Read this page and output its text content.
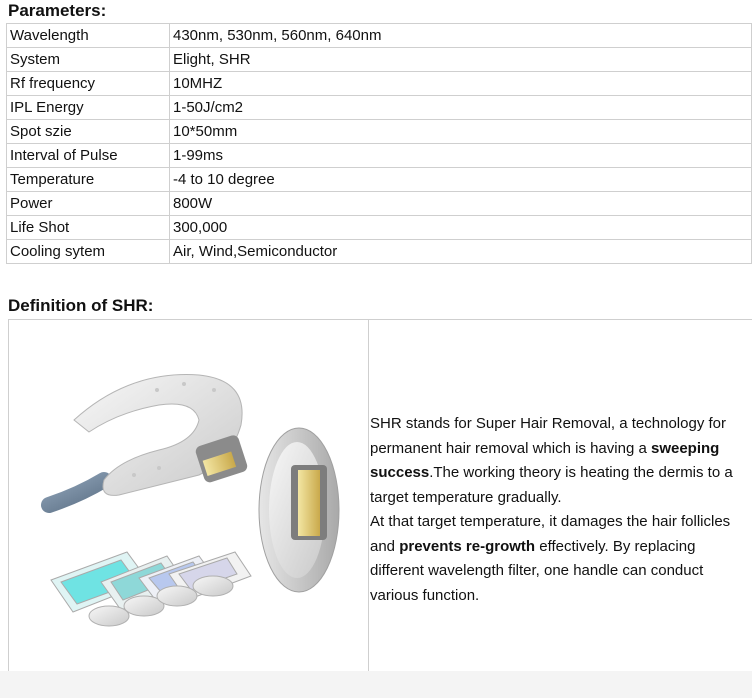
Parameters:
Wavelength	430nm, 530nm, 560nm, 640nm
System	Elight, SHR
Rf frequency	10MHZ
IPL Energy	1-50J/cm2
Spot szie	10*50mm
Interval of Pulse	1-99ms
Temperature	-4 to 10 degree
Power	800W
Life Shot	300,000
Cooling sytem	Air, Wind,Semiconductor
Definition of SHR:
SHR stands for Super Hair Removal, a technology for permanent hair removal which is having a sweeping success.The working theory is heating the dermis to a target temperature gradually.
At that target temperature, it damages the hair follicles and prevents re-growth effectively. By replacing different wavelength filter, one handle can conduct various function.
